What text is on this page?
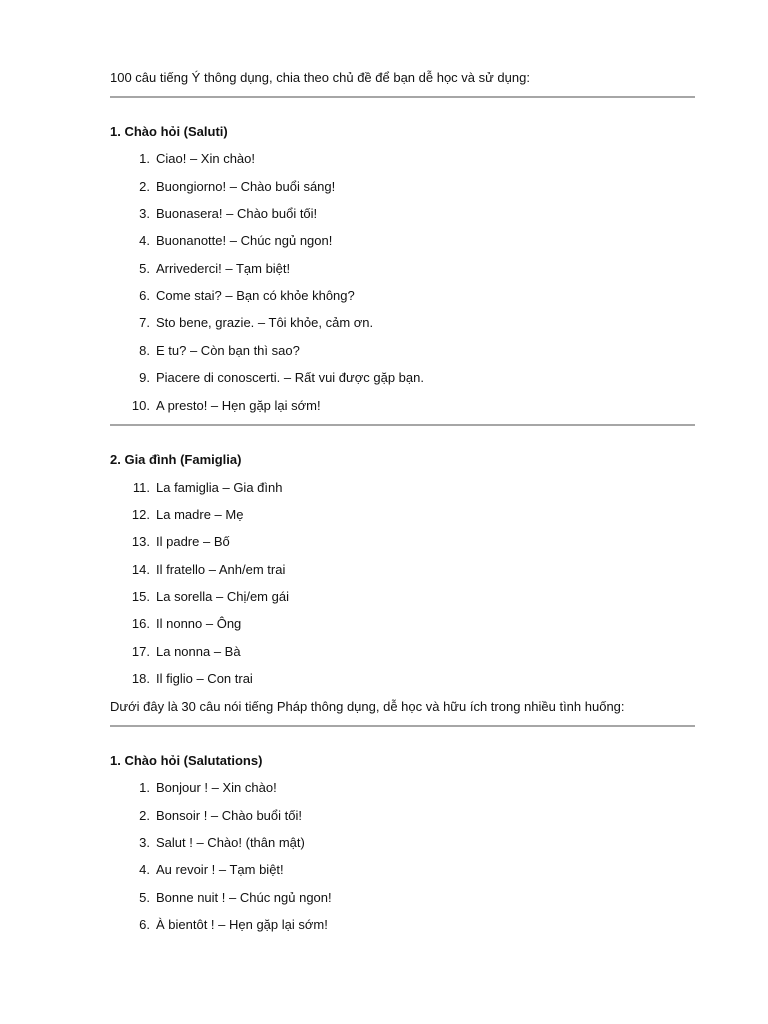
100 câu tiếng Ý thông dụng, chia theo chủ đề để bạn dễ học và sử dụng:
1. Chào hỏi (Saluti)
1. Ciao! – Xin chào!
2. Buongiorno! – Chào buổi sáng!
3. Buonasera! – Chào buổi tối!
4. Buonanotte! – Chúc ngủ ngon!
5. Arrivederci! – Tạm biệt!
6. Come stai? – Bạn có khỏe không?
7. Sto bene, grazie. – Tôi khỏe, cảm ơn.
8. E tu? – Còn bạn thì sao?
9. Piacere di conoscerti. – Rất vui được gặp bạn.
10. A presto! – Hẹn gặp lại sớm!
2. Gia đình (Famiglia)
11. La famiglia – Gia đình
12. La madre – Mẹ
13. Il padre – Bố
14. Il fratello – Anh/em trai
15. La sorella – Chị/em gái
16. Il nonno – Ông
17. La nonna – Bà
18. Il figlio – Con trai
Dưới đây là 30 câu nói tiếng Pháp thông dụng, dễ học và hữu ích trong nhiều tình huống:
1. Chào hỏi (Salutations)
1. Bonjour ! – Xin chào!
2. Bonsoir ! – Chào buổi tối!
3. Salut ! – Chào! (thân mật)
4. Au revoir ! – Tạm biệt!
5. Bonne nuit ! – Chúc ngủ ngon!
6. À bientôt ! – Hẹn gặp lại sớm!
